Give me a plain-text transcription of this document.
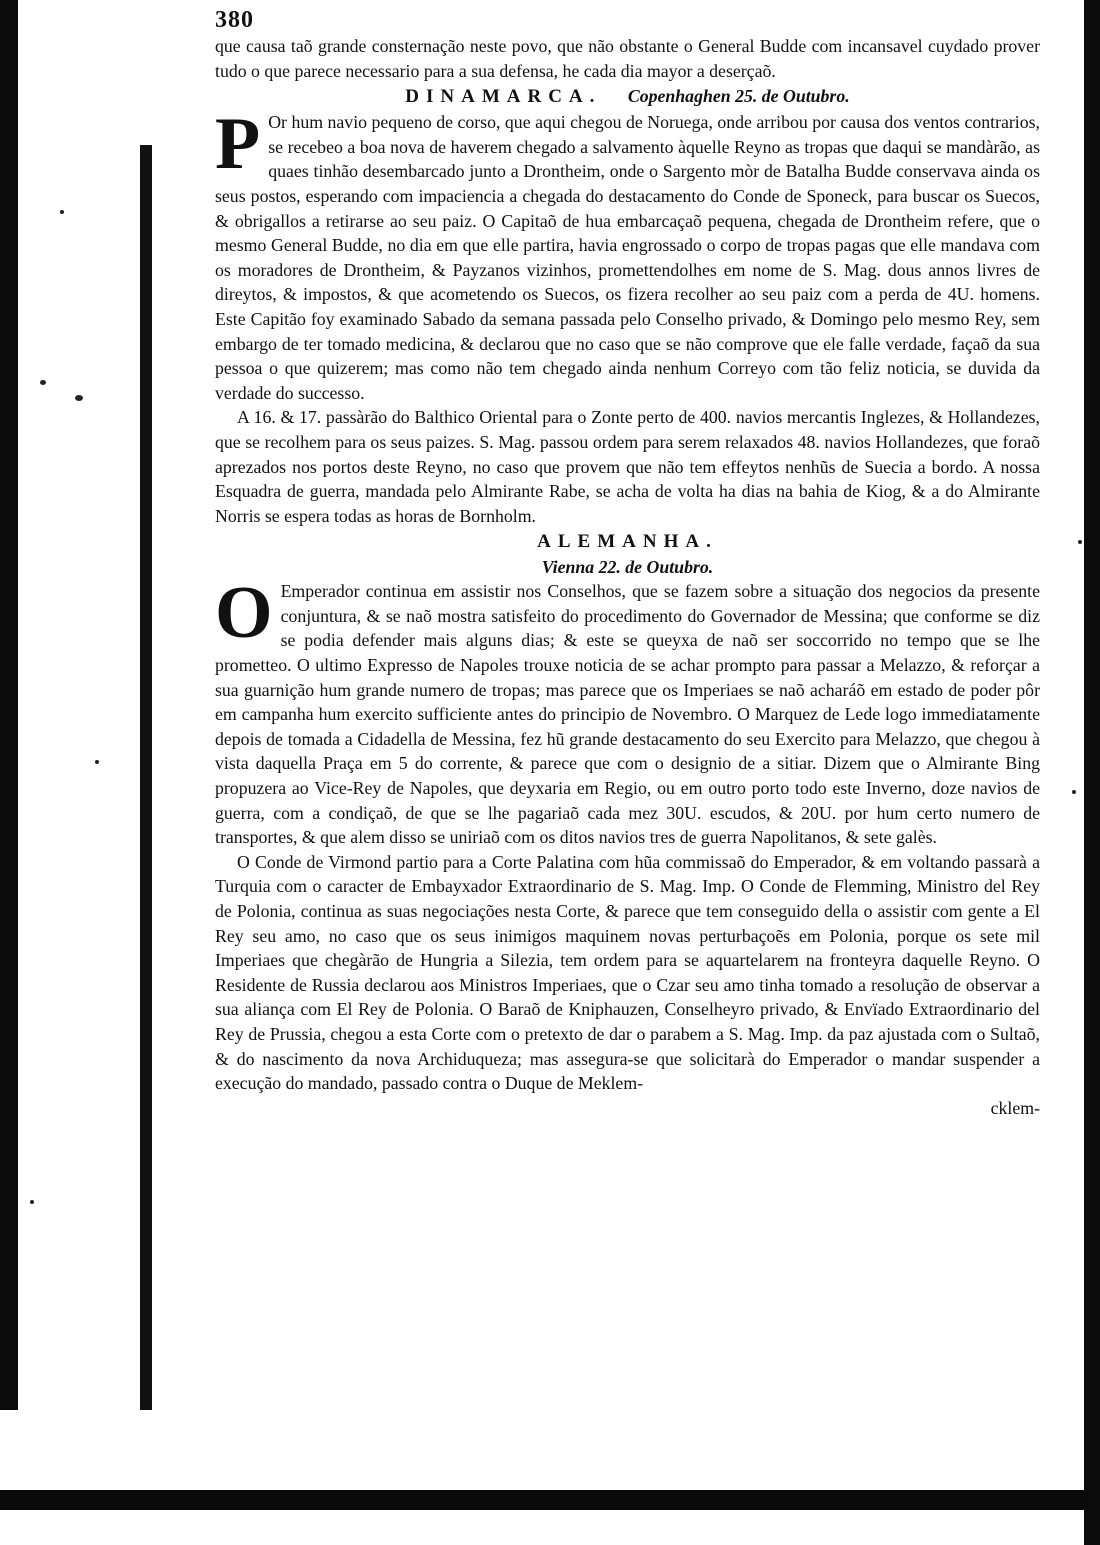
380

que causa taõ grande consternação neste povo, que não obstante o General Budde com incansavel cuydado prover tudo o que parece necessario para a sua defensa, he cada dia mayor a deserçaõ.

DINAMARCA. Copenhaghen 25. de Outubro.

P Or hum navio pequeno de corso, que aqui chegou de Noruega, onde arribou por causa dos ventos contrarios, se recebeo a boa nova de haverem chegado a salvamento àquelle Reyno as tropas que daqui se mandàrão, as quaes tinhão desembarcado junto a Drontheim, onde o Sargento mòr de Batalha Budde conservava ainda os seus postos, esperando com impaciencia a chegada do destacamento do Conde de Sponeck, para buscar os Suecos, & obrigallos a retirarse ao seu paiz. O Capitaõ de hua embarcaçaõ pequena, chegada de Drontheim refere, que o mesmo General Budde, no dia em que elle partira, havia engrossado o corpo de tropas pagas que elle mandava com os moradores de Drontheim, & Payzanos vizinhos, promettendolhes em nome de S. Mag. dous annos livres de direytos, & impostos, & que acometendo os Suecos, os fizera recolher ao seu paiz com a perda de 4U. homens. Este Capitão foy examinado Sabado da semana passada pelo Conselho privado, & Domingo pelo mesmo Rey, sem embargo de ter tomado medicina, & declarou que no caso que se não comprove que ele falle verdade, façaõ da sua pessoa o que quizerem; mas como não tem chegado ainda nenhum Correyo com tão feliz noticia, se duvida da verdade do successo.

A 16. & 17. passàrão do Balthico Oriental para o Zonte perto de 400. navios mercantis Inglezes, & Hollandezes, que se recolhem para os seus paizes. S. Mag. passou ordem para serem relaxados 48. navios Hollandezes, que foraõ aprezados nos portos deste Reyno, no caso que provem que não tem effeytos nenhũs de Suecia a bordo. A nossa Esquadra de guerra, mandada pelo Almirante Rabe, se acha de volta ha dias na bahia de Kiog, & a do Almirante Norris se espera todas as horas de Bornholm.

ALEMANHA.

Vienna 22. de Outubro.

O Emperador continua em assistir nos Conselhos, que se fazem sobre a situação dos negocios da presente conjuntura, & se naõ mostra satisfeito do procedimento do Governador de Messina; que conforme se diz se podia defender mais alguns dias; & este se queyxa de naõ ser soccorrido no tempo que se lhe prometteo. O ultimo Expresso de Napoles trouxe noticia de se achar prompto para passar a Melazzo, & reforçar a sua guarnição hum grande numero de tropas; mas parece que os Imperiaes se naõ acharáõ em estado de poder pôr em campanha hum exercito sufficiente antes do principio de Novembro. O Marquez de Lede logo immediatamente depois de tomada a Cidadella de Messina, fez hũ grande destacamento do seu Exercito para Melazzo, que chegou à vista daquella Praça em 5 do corrente, & parece que com o designio de a sitiar. Dizem que o Almirante Bing propuzera ao Vice-Rey de Napoles, que deyxaria em Regio, ou em outro porto todo este Inverno, doze navios de guerra, com a condiçaõ, de que se lhe pagariaõ cada mez 30U. escudos, & 20U. por hum certo numero de transportes, & que alem disso se uniriaõ com os ditos navios tres de guerra Napolitanos, & sete galès.

O Conde de Virmond partio para a Corte Palatina com hũa commissaõ do Emperador, & em voltando passarà a Turquia com o caracter de Embayxador Extraordinario de S. Mag. Imp. O Conde de Flemming, Ministro del Rey de Polonia, continua as suas negociações nesta Corte, & parece que tem conseguido della o assistir com gente a El Rey seu amo, no caso que os seus inimigos maquinem novas perturbaçoẽs em Polonia, porque os sete mil Imperiaes que chegàrão de Hungria a Silezia, tem ordem para se aquartelarem na fronteyra daquelle Reyno. O Residente de Russia declarou aos Ministros Imperiaes, que o Czar seu amo tinha tomado a resolução de observar a sua aliança com El Rey de Polonia. O Baraõ de Kniphauzen, Conselheyro privado, & Envïado Extraordinario del Rey de Prussia, chegou a esta Corte com o pretexto de dar o parabem a S. Mag. Imp. da paz ajustada com o Sultaõ, & do nascimento da nova Archiduqueza; mas assegura-se que solicitarà do Emperador o mandar suspender a execução do mandado, passado contra o Duque de Meklem-

cklem-
